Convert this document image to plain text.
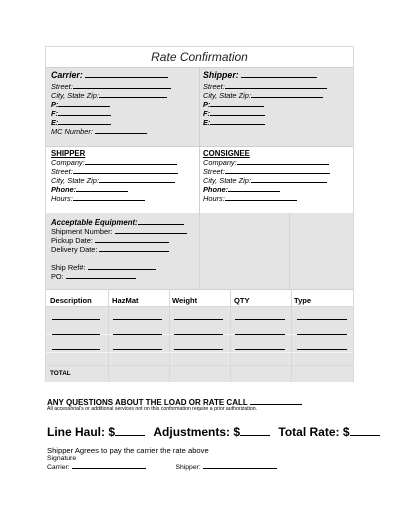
Rate Confirmation
Carrier:
Street:
City, State Zip:
P:
F:
E:
MC Number:
Shipper:
Street:
City, State Zip:
P:
F:
E:
SHIPPER
Company:
Street:
City, State Zip:
Phone:
Hours:
CONSIGNEE
Company:
Street:
City, State Zip:
Phone:
Hours:
Acceptable Equipment:
Shipment Number:
Pickup Date:
Delivery Date:
Ship Ref#:
PO:
Description	HazMat	Weight	QTY	Type
TOTAL
ANY QUESTIONS ABOUT THE LOAD OR RATE CALL
All accessorial's or additional services not on this conformation require a prior authorization.
Line Haul: $	Adjustments: $	Total Rate: $
Shipper Agrees to pay the carrier the rate above
Signature
Carrier:	Shipper:
